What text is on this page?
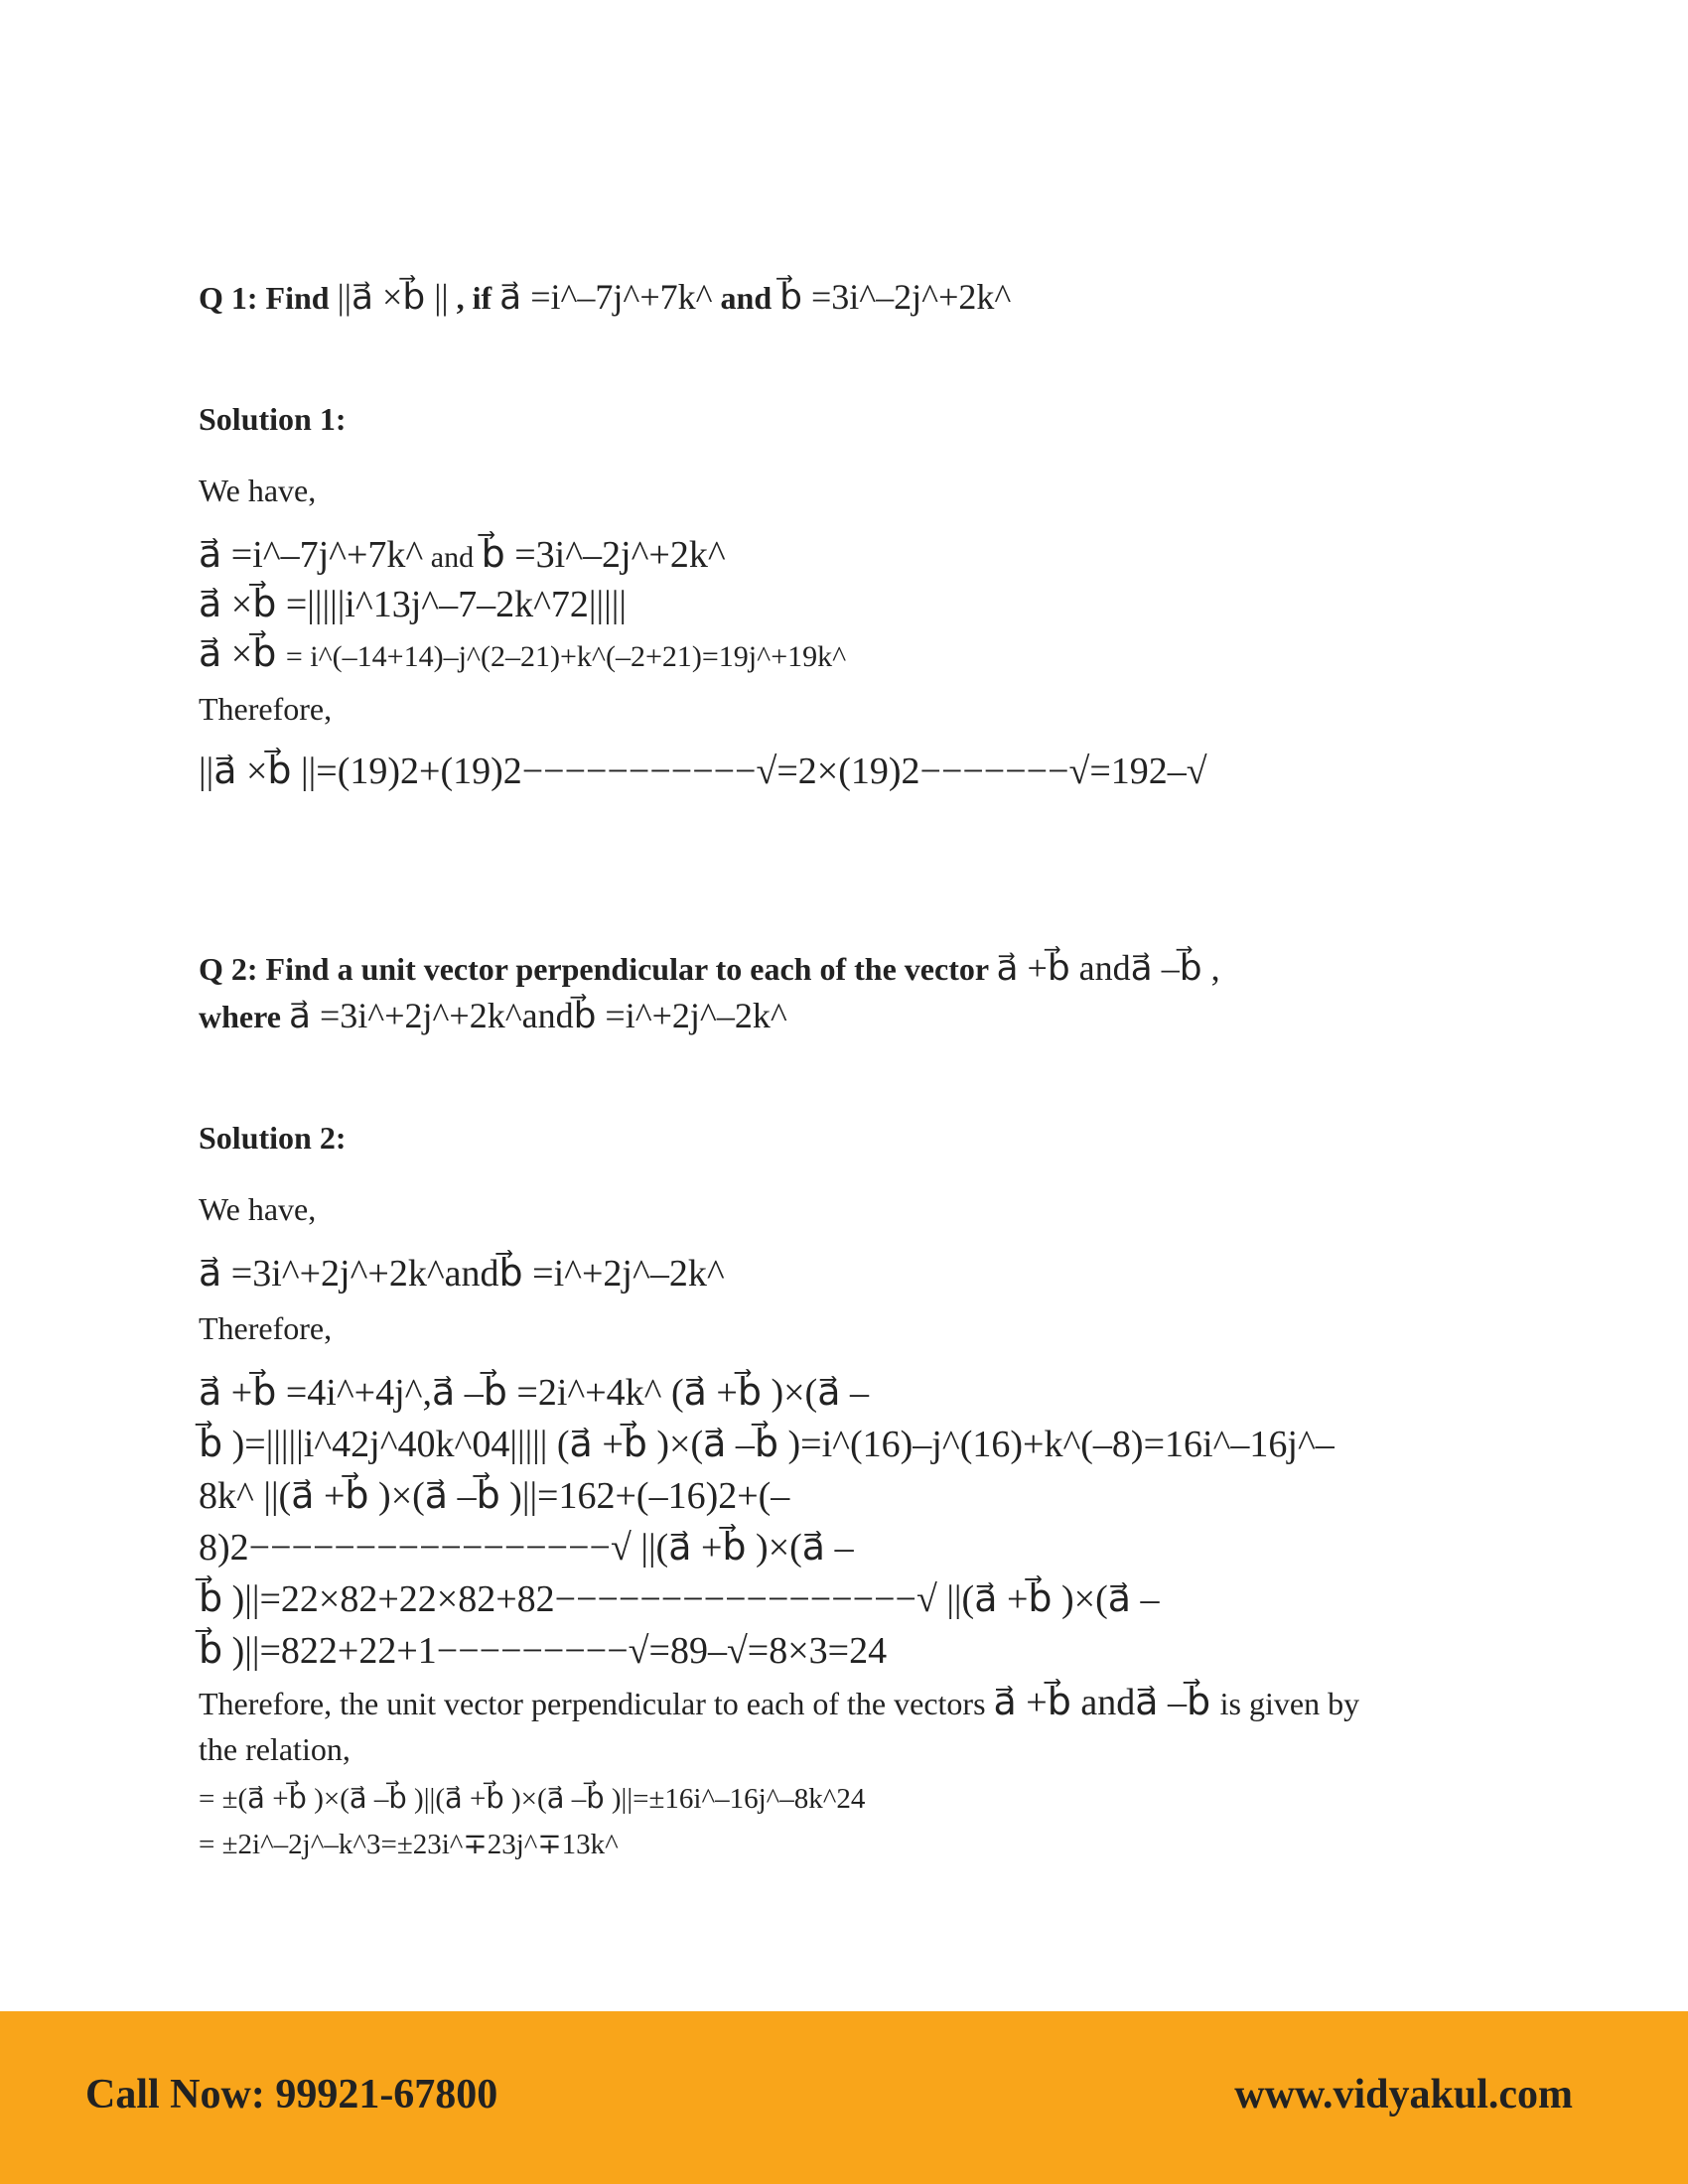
Q 1: Find ||a⃗ ×b⃗ || , if a⃗ =i^–7j^+7k^ and b⃗ =3i^–2j^+2k^
Solution 1:
We have,
a⃗ =i^–7j^+7k^ and b⃗ =3i^–2j^+2k^
a⃗ ×b⃗ =|||||i^13j^–7–2k^72|||||
a⃗ ×b⃗ = i^(–14+14)–j^(2–21)+k^(–2+21)=19j^+19k^
Therefore,
||a⃗ ×b⃗ ||=(19)2+(19)2−−−−−−−−−−−√=2×(19)2−−−−−−−√=192–√
Q 2: Find a unit vector perpendicular to each of the vector a⃗ +b⃗ anda⃗ –b⃗ ,
where a⃗ =3i^+2j^+2k^andb⃗ =i^+2j^–2k^
Solution 2:
We have,
a⃗ =3i^+2j^+2k^andb⃗ =i^+2j^–2k^
Therefore,
a⃗ +b⃗ =4i^+4j^,a⃗ –b⃗ =2i^+4k^ (a⃗ +b⃗ )×(a⃗ –
b⃗ )=|||||i^42j^40k^04||||| (a⃗ +b⃗ )×(a⃗ –b⃗ )=i^(16)–j^(16)+k^(–8)=16i^–16j^–
8k^ ||(a⃗ +b⃗ )×(a⃗ –b⃗ )||=162+(–16)2+(–
8)2−−−−−−−−−−−−−−−−−√ ||(a⃗ +b⃗ )×(a⃗ –
b⃗ )||=22×82+22×82+82−−−−−−−−−−−−−−−−−√ ||(a⃗ +b⃗ )×(a⃗ –
b⃗ )||=822+22+1−−−−−−−−−√=89–√=8×3=24
Therefore, the unit vector perpendicular to each of the vectors a⃗ +b⃗ anda⃗ –b⃗ is given by
the relation,
= ±(a⃗ +b⃗ )×(a⃗ –b⃗ )||(a⃗ +b⃗ )×(a⃗ –b⃗ )||=±16i^–16j^–8k^24
= ±2i^–2j^–k^3=±23i^∓23j^∓13k^
Call Now: 99921-67800	www.vidyakul.com
